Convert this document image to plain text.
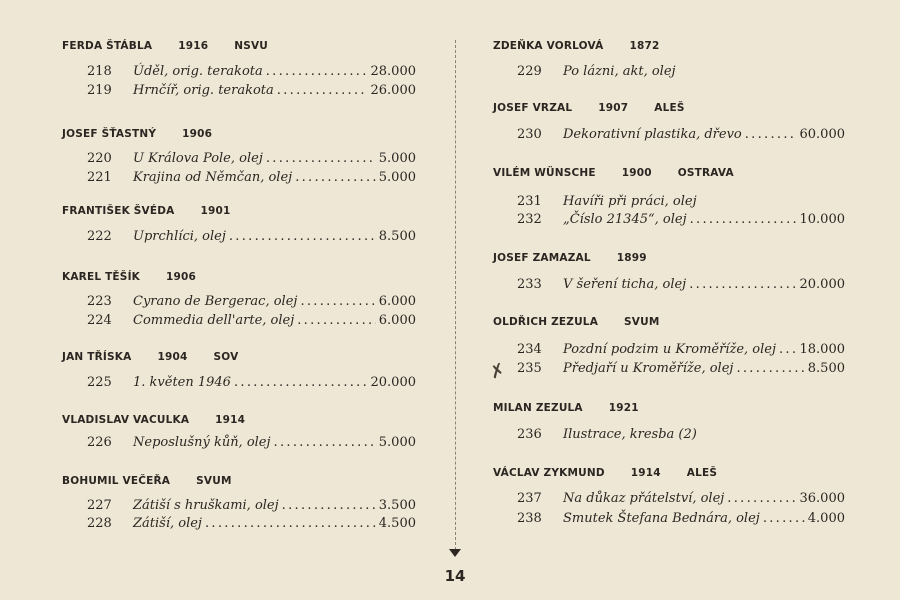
FERDA ŠTÁBLA 1916 NSVU
218	Úděl, orig. terakota .....	28.000
219	Hrnčíř, orig. terakota .....	26.000
JOSEF ŠŤASTNÝ 1906
220	U Králova Pole, olej .....	5.000
221	Krajina od Němčan, olej .....	5.000
FRANTIŠEK ŠVÉDA 1901
222	Uprchlíci, olej .....	8.500
KAREL TĚŠÍK 1906
223	Cyrano de Bergerac, olej .....	6.000
224	Commedia dell'arte, olej .....	6.000
JAN TŘÍSKA 1904 SOV
225	1. květen 1946 .....	20.000
VLADISLAV VACULKA 1914
226	Neposlušný kůň, olej .....	5.000
BOHUMIL VEČEŘA SVUM
227	Zátiší s hruškami, olej .....	3.500
228	Zátiší, olej .....	4.500
ZDEŇKA VORLOVÁ 1872
229	Po lázni, akt, olej
JOSEF VRZAL 1907 ALEŠ
230	Dekorativní plastika, dřevo .....	60.000
VILÉM WÜNSCHE 1900 OSTRAVA
231	Havíři při práci, olej
232	„Číslo 21345“, olej .....	10.000
JOSEF ZAMAZAL 1899
233	V šeření ticha, olej .....	20.000
OLDŘICH ZEZULA SVUM
234	Pozdní podzim u Kroměříže, olej ..... 18.000
235	Předjaří u Kroměříže, olej .....	8.500
MILAN ZEZULA 1921
236	Ilustrace, kresba (2)
VÁCLAV ZYKMUND 1914 ALEŠ
237	Na důkaz přátelství, olej .....	36.000
238	Smutek Štefana Bednára, olej .....	4.000
14
✗
